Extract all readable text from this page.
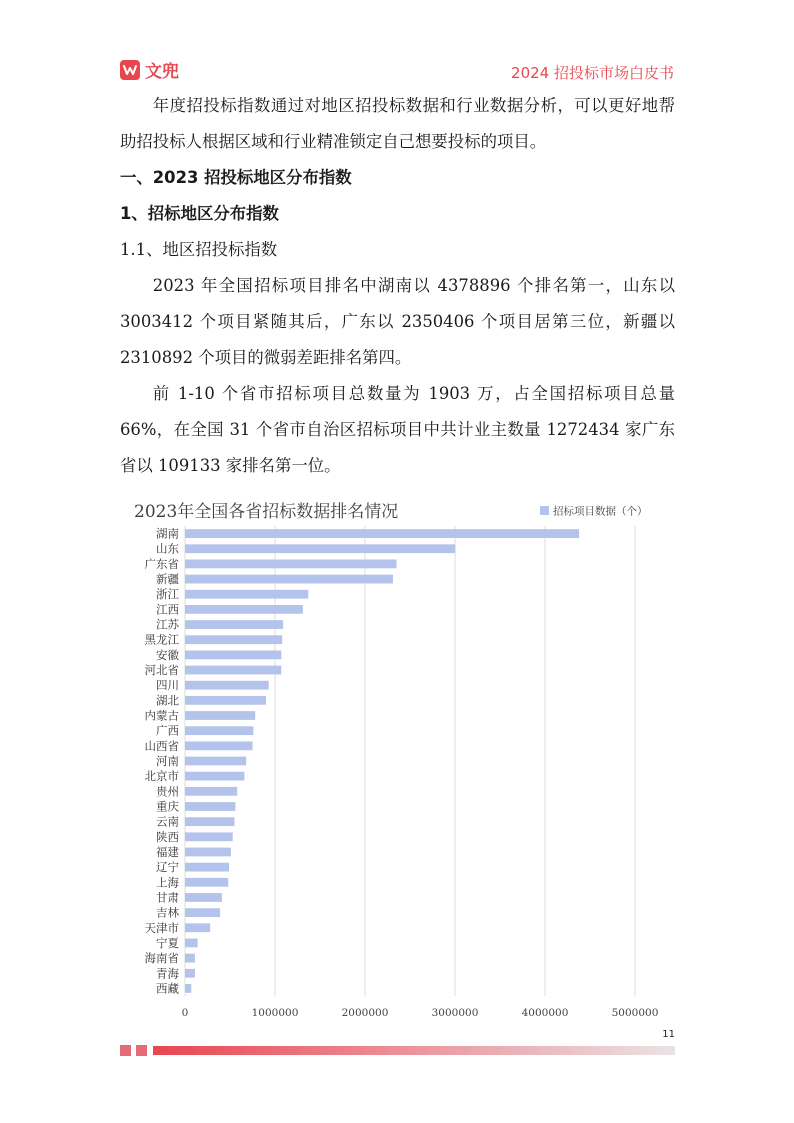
文兜	2024 招投标市场白皮书

年度招投标指数通过对地区招投标数据和行业数据分析，可以更好地帮助招投标人根据区域和行业精准锁定自己想要投标的项目。

一、2023 招投标地区分布指数
1、招标地区分布指数
1.1、地区招投标指数

2023 年全国招标项目排名中湖南以 4378896 个排名第一，山东以 3003412 个项目紧随其后，广东以 2350406 个项目居第三位，新疆以 2310892 个项目的微弱差距排名第四。

前 1-10 个省市招标项目总数量为 1903 万，占全国招标项目总量 66%，在全国 31 个省市自治区招标项目中共计业主数量 1272434 家广东省以 109133 家排名第一位。

2023年全国各省招标数据排名情况	招标项目数据（个）
0	1000000	2000000	3000000	4000000	5000000
湖南
山东
广东省
新疆
浙江
江西
江苏
黑龙江
安徽
河北省
四川
湖北
内蒙古
广西
山西省
河南
北京市
贵州
重庆
云南
陕西
福建
辽宁
上海
甘肃
吉林
天津市
宁夏
海南省
青海
西藏
11
